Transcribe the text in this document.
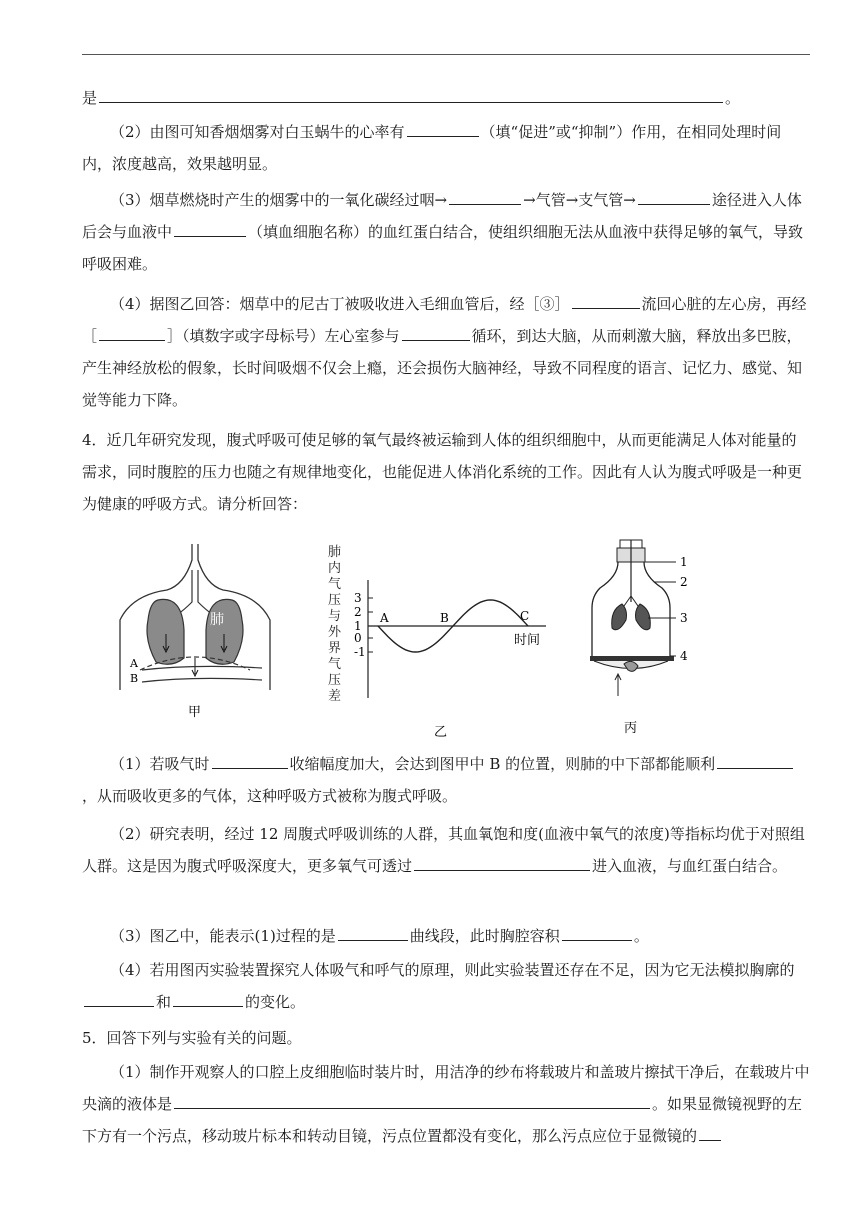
是	。

（2）由图可知香烟烟雾对白玉蜗牛的心率有	（填“促进”或“抑制”）作用，在相同处理时间内，浓度越高，效果越明显。

（3）烟草燃烧时产生的烟雾中的一氧化碳经过咽→	→气管→支气管→	途径进入人体后会与血液中	（填血细胞名称）的血红蛋白结合，使组织细胞无法从血液中获得足够的氧气，导致呼吸困难。

（4）据图乙回答：烟草中的尼古丁被吸收进入毛细血管后，经［③］	流回心脏的左心房，再经［	］（填数字或字母标号）左心室参与	循环，到达大脑，从而刺激大脑，释放出多巴胺，产生神经放松的假象，长时间吸烟不仅会上瘾，还会损伤大脑神经，导致不同程度的语言、记忆力、感觉、知觉等能力下降。

4．近几年研究发现，腹式呼吸可使足够的氧气最终被运输到人体的组织细胞中，从而更能满足人体对能量的需求，同时腹腔的压力也随之有规律地变化，也能促进人体消化系统的工作。因此有人认为腹式呼吸是一种更为健康的呼吸方式。请分析回答：

肺
A
B
甲
肺
内
气
压
与
外
界
气
压
差
3
2
1
0
-1
A	B	C
时间
乙
1
2
3
4
丙

（1）若吸气时	收缩幅度加大，会达到图甲中 B 的位置，则肺的中下部都能顺利，从而吸收更多的气体，这种呼吸方式被称为腹式呼吸。

（2）研究表明，经过 12 周腹式呼吸训练的人群，其血氧饱和度(血液中氧气的浓度)等指标均优于对照组人群。这是因为腹式呼吸深度大，更多氧气可透过	进入血液，与血红蛋白结合。

（3）图乙中，能表示(1)过程的是	曲线段，此时胸腔容积	。

（4）若用图丙实验装置探究人体吸气和呼气的原理，则此实验装置还存在不足，因为它无法模拟胸廓的和	的变化。

5．回答下列与实验有关的问题。

（1）制作开观察人的口腔上皮细胞临时装片时，用洁净的纱布将载玻片和盖玻片擦拭干净后，在载玻片中央滴的液体是	。如果显微镜视野的左下方有一个污点，移动玻片标本和转动目镜，污点位置都没有变化，那么污点应位于显微镜的
